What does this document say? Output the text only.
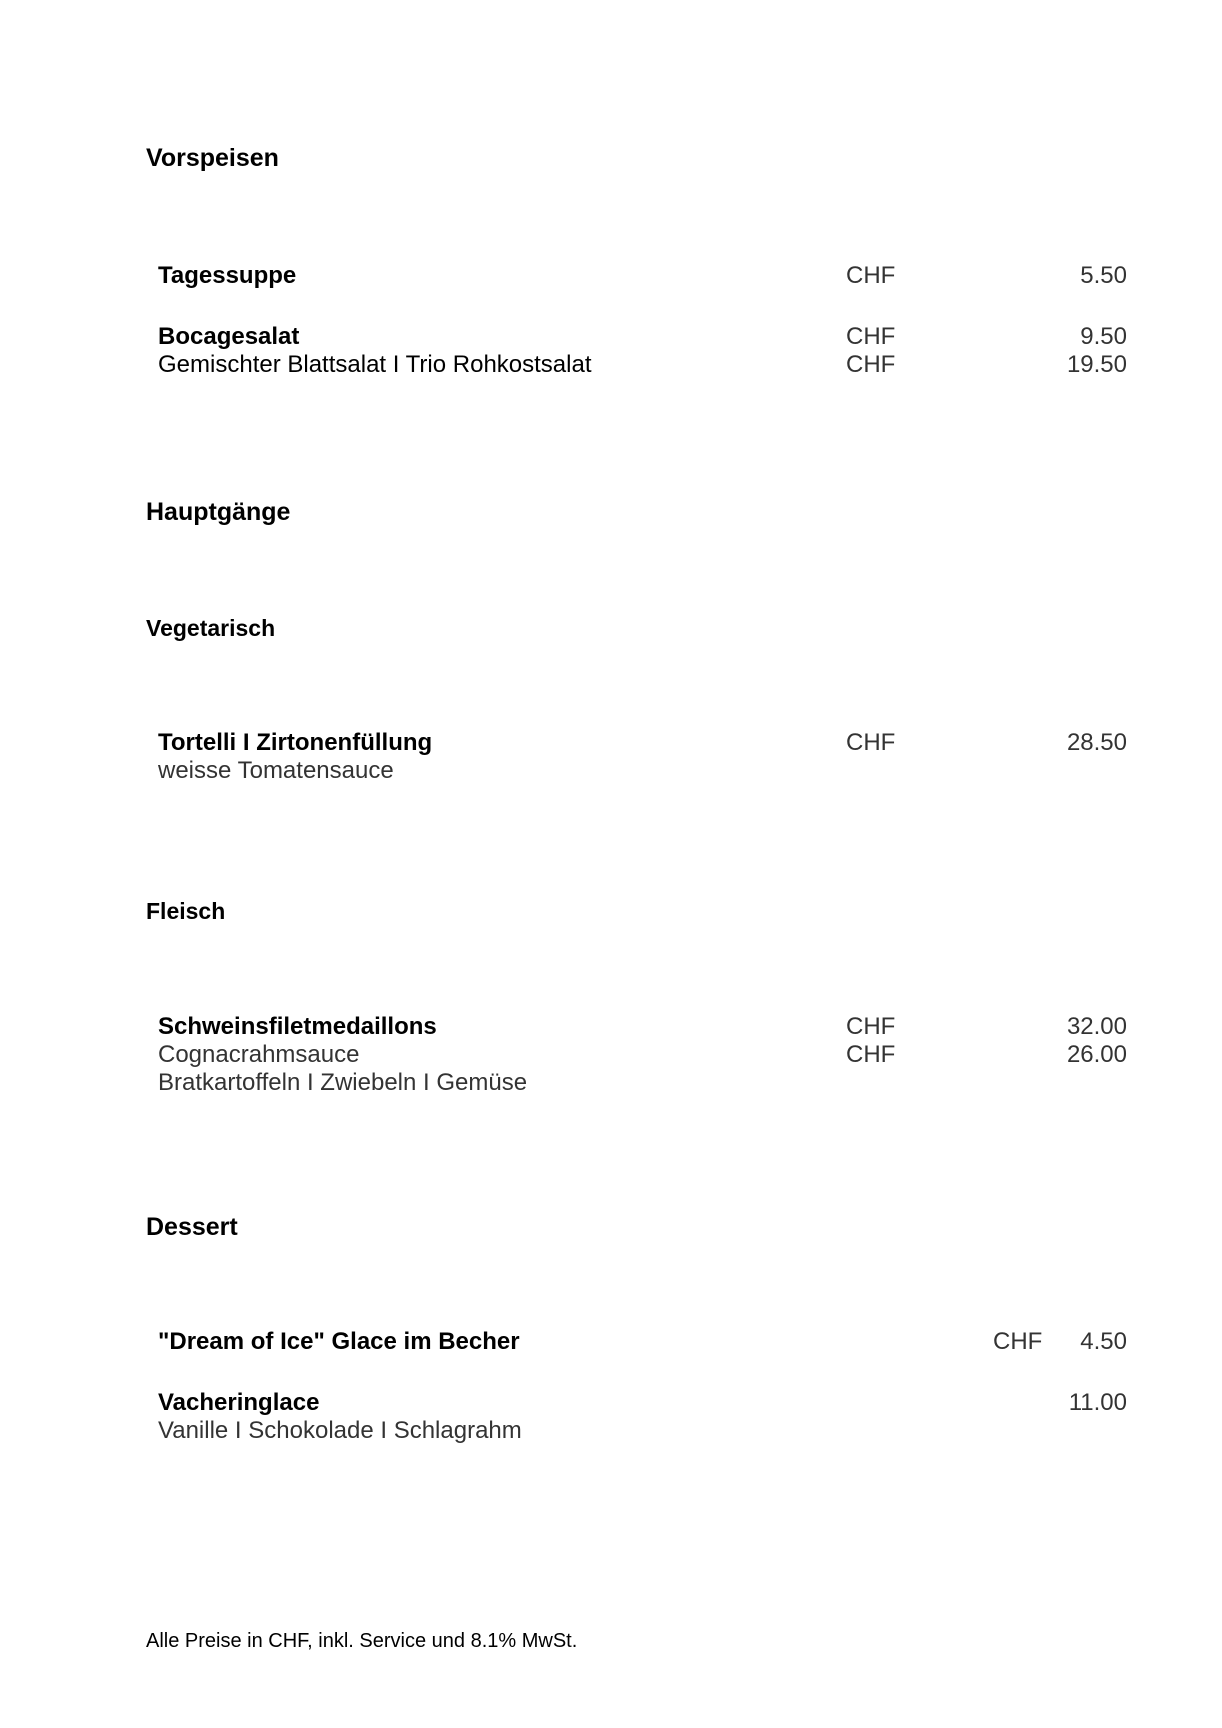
Vorspeisen
Tagessuppe	CHF	5.50
Bocagesalat	CHF	9.50
Gemischter Blattsalat I Trio Rohkostsalat	CHF	19.50
Hauptgänge
Vegetarisch
Tortelli I Zirtonenfüllung	CHF	28.50
weisse Tomatensauce
Fleisch
Schweinsfiletmedaillons	CHF	32.00
Cognacrahmsauce	CHF	26.00
Bratkartoffeln I Zwiebeln I Gemüse
Dessert
"Dream of Ice" Glace im Becher	CHF 4.50
Vacheringlace	11.00
Vanille I Schokolade I Schlagrahm
Alle Preise in CHF, inkl. Service und 8.1% MwSt.
